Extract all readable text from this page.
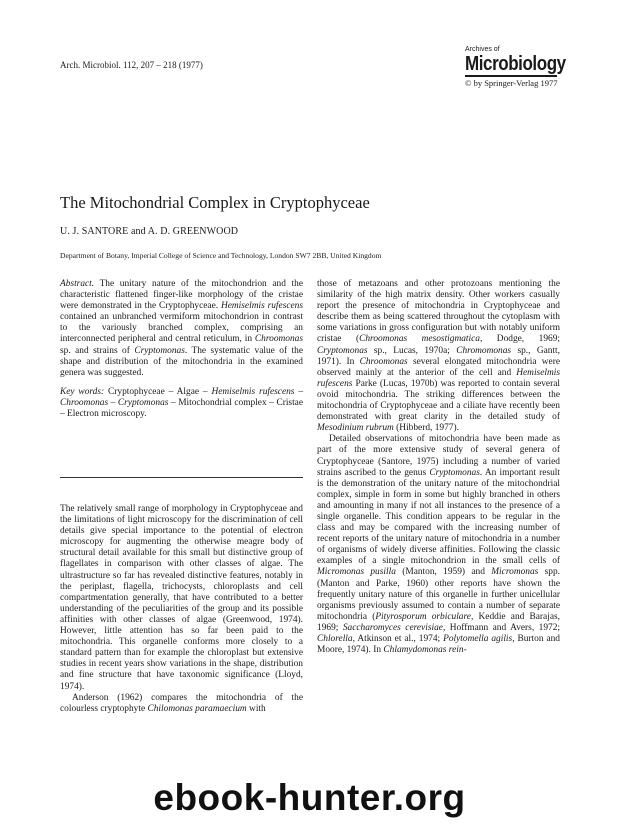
Arch. Microbiol. 112, 207 – 218 (1977)
Archives of
Microbiology
© by Springer-Verlag 1977
The Mitochondrial Complex in Cryptophyceae
U. J. SANTORE and A. D. GREENWOOD
Department of Botany, Imperial College of Science and Technology, London SW7 2BB, United Kingdom

Abstract. The unitary nature of the mitochondrion and the characteristic flattened finger-like morphology of the cristae were demonstrated in the Cryptophyceae. Hemiselmis rufescens contained an unbranched vermiform mitochondrion in contrast to the variously branched complex, comprising an interconnected peripheral and central reticulum, in Chroomonas sp. and strains of Cryptomonas. The systematic value of the shape and distribution of the mitochondria in the examined genera was suggested.

Key words: Cryptophyceae – Algae – Hemiselmis rufescens – Chroomonas – Cryptomonas – Mitochondrial complex – Cristae – Electron microscopy.

The relatively small range of morphology in Cryptophyceae and the limitations of light microscopy for the discrimination of cell details give special importance to the potential of electron microscopy for augmenting the otherwise meagre body of structural detail available for this small but distinctive group of flagellates in comparison with other classes of algae. The ultrastructure so far has revealed distinctive features, notably in the periplast, flagella, trichocysts, chloroplasts and cell compartmentation generally, that have contributed to a better understanding of the peculiarities of the group and its possible affinities with other classes of algae (Greenwood, 1974). However, little attention has so far been paid to the mitochondria. This organelle conforms more closely to a standard pattern than for example the chloroplast but extensive studies in recent years show variations in the shape, distribution and fine structure that have taxonomic significance (Lloyd, 1974).

Anderson (1962) compares the mitochondria of the colourless cryptophyte Chilomonas paramaecium with

those of metazoans and other protozoans mentioning the similarity of the high matrix density. Other workers casually report the presence of mitochondria in Cryptophyceae and describe them as being scattered throughout the cytoplasm with some variations in gross configuration but with notably uniform cristae (Chroomonas mesostigmatica, Dodge, 1969; Cryptomonas sp., Lucas, 1970a; Chromomonas sp., Gantt, 1971). In Chroomonas several elongated mitochondria were observed mainly at the anterior of the cell and Hemiselmis rufescens Parke (Lucas, 1970b) was reported to contain several ovoid mitochondria. The striking differences between the mitochondria of Cryptophyceae and a ciliate have recently been demonstrated with great clarity in the detailed study of Mesodinium rubrum (Hibberd, 1977).

Detailed observations of mitochondria have been made as part of the more extensive study of several genera of Cryptophyceae (Santore, 1975) including a number of varied strains ascribed to the genus Cryptomonas. An important result is the demonstration of the unitary nature of the mitochondrial complex, simple in form in some but highly branched in others and amounting in many if not all instances to the presence of a single organelle. This condition appears to be regular in the class and may be compared with the increasing number of recent reports of the unitary nature of mitochondria in a number of organisms of widely diverse affinities. Following the classic examples of a single mitochondrion in the small cells of Micromonas pusilla (Manton, 1959) and Micromonas spp. (Manton and Parke, 1960) other reports have shown the frequently unitary nature of this organelle in further unicellular organisms previously assumed to contain a number of separate mitochondria (Pityrosporum orbiculare, Keddie and Barajas, 1969; Saccharomyces cerevisiae, Hoffmann and Avers, 1972; Chlorella, Atkinson et al., 1974; Polytomella agilis, Burton and Moore, 1974). In Chlamydomonas rein-

ebook-hunter.org
